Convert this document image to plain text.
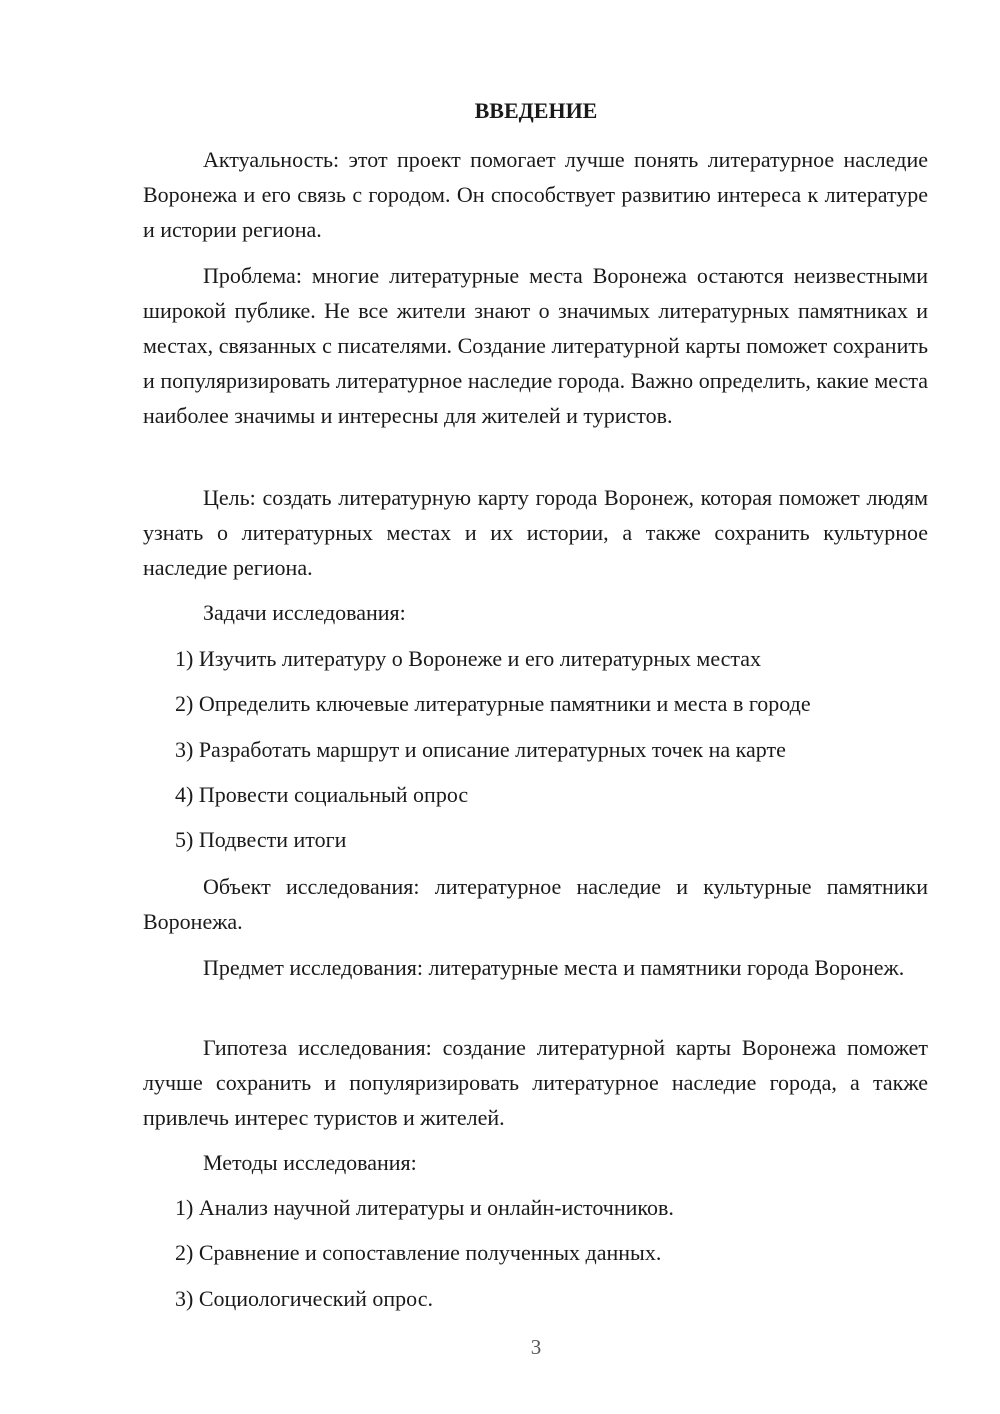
ВВЕДЕНИЕ

Актуальность: этот проект помогает лучше понять литературное наследие Воронежа и его связь с городом. Он способствует развитию интереса к литературе и истории региона.

Проблема: многие литературные места Воронежа остаются неизвестными широкой публике. Не все жители знают о значимых литературных памятниках и местах, связанных с писателями. Создание литературной карты поможет сохранить и популяризировать литературное наследие города. Важно определить, какие места наиболее значимы и интересны для жителей и туристов.

Цель: создать литературную карту города Воронеж, которая поможет людям узнать о литературных местах и их истории, а также сохранить культурное наследие региона.

Задачи исследования:
1) Изучить литературу о Воронеже и его литературных местах
2) Определить ключевые литературные памятники и места в городе
3) Разработать маршрут и описание литературных точек на карте
4) Провести социальный опрос
5) Подвести итоги

Объект исследования: литературное наследие и культурные памятники Воронежа.

Предмет исследования: литературные места и памятники города Воронеж.

Гипотеза исследования: создание литературной карты Воронежа поможет лучше сохранить и популяризировать литературное наследие города, а также привлечь интерес туристов и жителей.

Методы исследования:
1) Анализ научной литературы и онлайн-источников.
2) Сравнение и сопоставление полученных данных.
3) Социологический опрос.
3
